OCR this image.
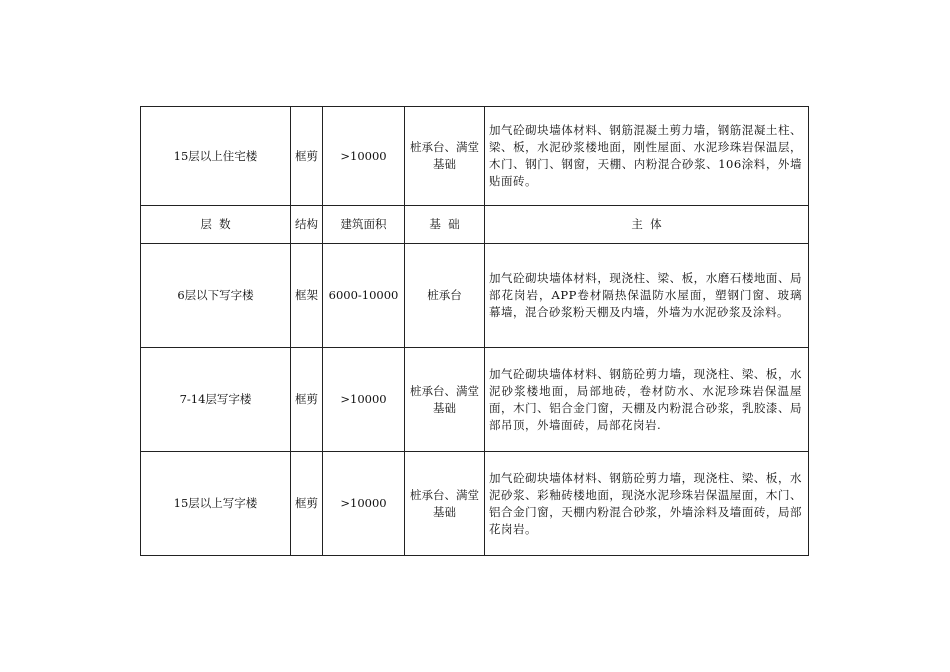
15层以上住宅楼	框剪	>10000	桩承台、满堂基础	加气砼砌块墙体材料、钢筋混凝土剪力墙，钢筋混凝土柱、梁、板，水泥砂浆楼地面，刚性屋面、水泥珍珠岩保温层，木门、钢门、钢窗，天棚、内粉混合砂浆、106涂料，外墙贴面砖。
层  数	结构	建筑面积	基  础	主  体
6层以下写字楼	框架	6000-10000	桩承台	加气砼砌块墙体材料，现浇柱、梁、板，水磨石楼地面、局部花岗岩，APP卷材隔热保温防水屋面，塑钢门窗、玻璃幕墙，混合砂浆粉天棚及内墙，外墙为水泥砂浆及涂料。
7-14层写字楼	框剪	>10000	桩承台、满堂基础	加气砼砌块墙体材料、钢筋砼剪力墙，现浇柱、梁、板，水泥砂浆楼地面，局部地砖，卷材防水、水泥珍珠岩保温屋面，木门、铝合金门窗，天棚及内粉混合砂浆，乳胶漆、局部吊顶，外墙面砖，局部花岗岩.
15层以上写字楼	框剪	>10000	桩承台、满堂基础	加气砼砌块墙体材料、钢筋砼剪力墙，现浇柱、梁、板，水泥砂浆、彩釉砖楼地面，现浇水泥珍珠岩保温屋面，木门、铝合金门窗，天棚内粉混合砂浆，外墙涂料及墙面砖，局部花岗岩。
